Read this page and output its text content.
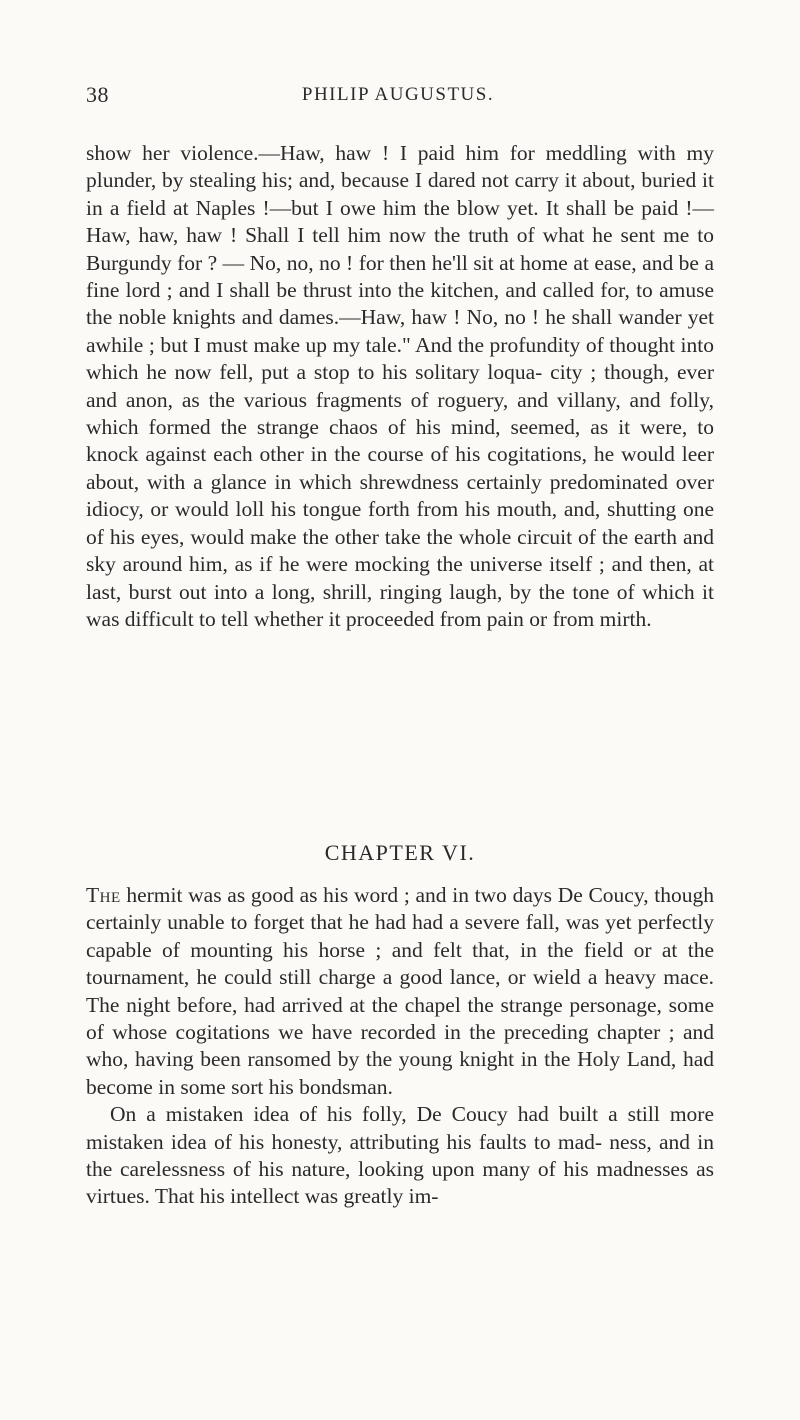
38	PHILIP AUGUSTUS.

show her violence.—Haw, haw ! I paid him for meddling with my plunder, by stealing his; and, because I dared not carry it about, buried it in a field at Naples !—but I owe him the blow yet. It shall be paid !—Haw, haw, haw ! Shall I tell him now the truth of what he sent me to Burgundy for ? — No, no, no ! for then he'll sit at home at ease, and be a fine lord ; and I shall be thrust into the kitchen, and called for, to amuse the noble knights and dames.—Haw, haw ! No, no ! he shall wander yet awhile ; but I must make up my tale." And the profundity of thought into which he now fell, put a stop to his solitary loqua- city ; though, ever and anon, as the various fragments of roguery, and villany, and folly, which formed the strange chaos of his mind, seemed, as it were, to knock against each other in the course of his cogitations, he would leer about, with a glance in which shrewdness certainly predominated over idiocy, or would loll his tongue forth from his mouth, and, shutting one of his eyes, would make the other take the whole circuit of the earth and sky around him, as if he were mocking the universe itself ; and then, at last, burst out into a long, shrill, ringing laugh, by the tone of which it was difficult to tell whether it proceeded from pain or from mirth.

CHAPTER VI.

The hermit was as good as his word ; and in two days De Coucy, though certainly unable to forget that he had had a severe fall, was yet perfectly capable of mounting his horse ; and felt that, in the field or at the tournament, he could still charge a good lance, or wield a heavy mace. The night before, had arrived at the chapel the strange personage, some of whose cogitations we have recorded in the preceding chapter ; and who, having been ransomed by the young knight in the Holy Land, had become in some sort his bondsman.

On a mistaken idea of his folly, De Coucy had built a still more mistaken idea of his honesty, attributing his faults to mad- ness, and in the carelessness of his nature, looking upon many of his madnesses as virtues. That his intellect was greatly im-
